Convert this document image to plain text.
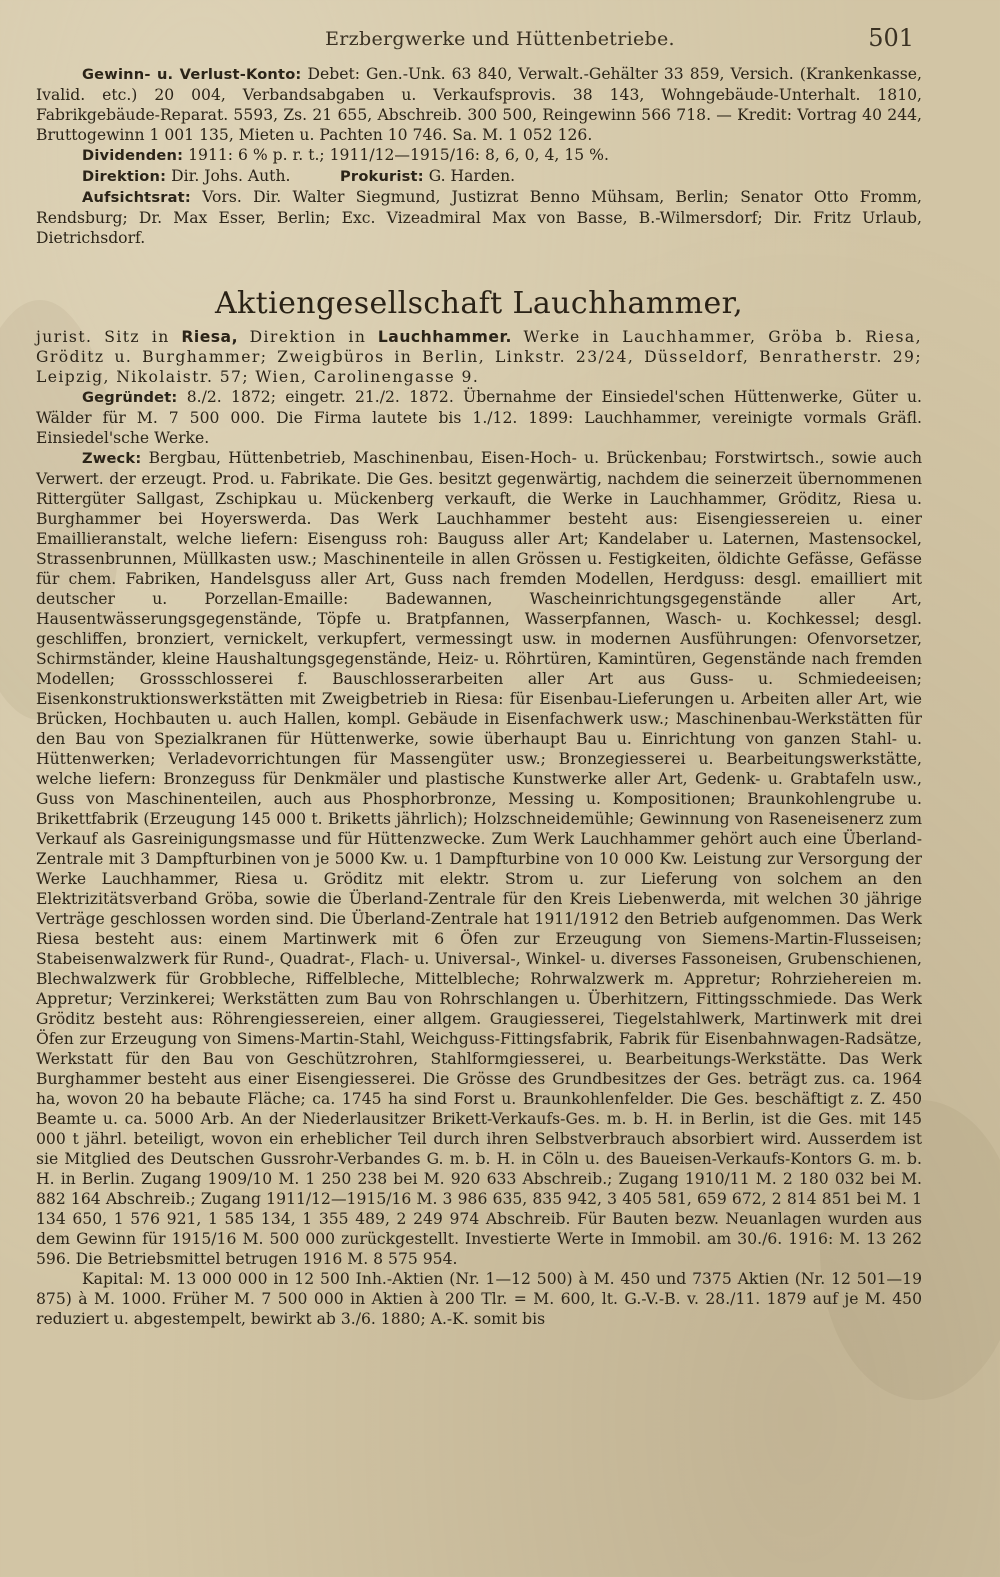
Erzbergwerke und Hüttenbetriebe.	501

Gewinn- u. Verlust-Konto: Debet: Gen.-Unk. 63 840, Verwalt.-Gehälter 33 859, Versich. (Krankenkasse, Ivalid. etc.) 20 004, Verbandsabgaben u. Verkaufsprovis. 38 143, Wohngebäude-Unterhalt. 1810, Fabrikgebäude-Reparat. 5593, Zs. 21 655, Abschreib. 300 500, Reingewinn 566 718. — Kredit: Vortrag 40 244, Bruttogewinn 1 001 135, Mieten u. Pachten 10 746. Sa. M. 1 052 126.

Dividenden: 1911: 6 % p. r. t.; 1911/12—1915/16: 8, 6, 0, 4, 15 %.

Direktion: Dir. Johs. Auth.	Prokurist: G. Harden.

Aufsichtsrat: Vors. Dir. Walter Siegmund, Justizrat Benno Mühsam, Berlin; Senator Otto Fromm, Rendsburg; Dr. Max Esser, Berlin; Exc. Vizeadmiral Max von Basse, B.-Wilmersdorf; Dir. Fritz Urlaub, Dietrichsdorf.

Aktiengesellschaft Lauchhammer,

jurist. Sitz in Riesa, Direktion in Lauchhammer. Werke in Lauchhammer, Gröba b. Riesa, Gröditz u. Burghammer; Zweigbüros in Berlin, Linkstr. 23/24, Düsseldorf, Benratherstr. 29; Leipzig, Nikolaistr. 57; Wien, Carolinengasse 9.

Gegründet: 8./2. 1872; eingetr. 21./2. 1872. Übernahme der Einsiedel'schen Hüttenwerke, Güter u. Wälder für M. 7 500 000. Die Firma lautete bis 1./12. 1899: Lauchhammer, vereinigte vormals Gräfl. Einsiedel'sche Werke.

Zweck: Bergbau, Hüttenbetrieb, Maschinenbau, Eisen-Hoch- u. Brückenbau; Forstwirtsch., sowie auch Verwert. der erzeugt. Prod. u. Fabrikate. Die Ges. besitzt gegenwärtig, nachdem die seinerzeit übernommenen Rittergüter Sallgast, Zschipkau u. Mückenberg verkauft, die Werke in Lauchhammer, Gröditz, Riesa u. Burghammer bei Hoyerswerda. Das Werk Lauchhammer besteht aus: Eisengiessereien u. einer Emaillieranstalt, welche liefern: Eisenguss roh: Bauguss aller Art; Kandelaber u. Laternen, Mastensockel, Strassenbrunnen, Müllkasten usw.; Maschinenteile in allen Grössen u. Festigkeiten, öldichte Gefässe, Gefässe für chem. Fabriken, Handelsguss aller Art, Guss nach fremden Modellen, Herdguss: desgl. emailliert mit deutscher u. Porzellan-Emaille: Badewannen, Wascheinrichtungsgegenstände aller Art, Hausentwässerungsgegenstände, Töpfe u. Bratpfannen, Wasserpfannen, Wasch- u. Kochkessel; desgl. geschliffen, bronziert, vernickelt, verkupfert, vermessingt usw. in modernen Ausführungen: Ofenvorsetzer, Schirmständer, kleine Haushaltungsgegenstände, Heiz- u. Röhrtüren, Kamintüren, Gegenstände nach fremden Modellen; Grossschlosserei f. Bauschlosserarbeiten aller Art aus Guss- u. Schmiedeeisen; Eisenkonstruktionswerkstätten mit Zweigbetrieb in Riesa: für Eisenbau-Lieferungen u. Arbeiten aller Art, wie Brücken, Hochbauten u. auch Hallen, kompl. Gebäude in Eisenfachwerk usw.; Maschinenbau-Werkstätten für den Bau von Spezialkranen für Hüttenwerke, sowie überhaupt Bau u. Einrichtung von ganzen Stahl- u. Hüttenwerken; Verladevorrichtungen für Massengüter usw.; Bronzegiesserei u. Bearbeitungswerkstätte, welche liefern: Bronzeguss für Denkmäler und plastische Kunstwerke aller Art, Gedenk- u. Grabtafeln usw., Guss von Maschinenteilen, auch aus Phosphorbronze, Messing u. Kompositionen; Braunkohlengrube u. Brikettfabrik (Erzeugung 145 000 t. Briketts jährlich); Holzschneidemühle; Gewinnung von Raseneisenerz zum Verkauf als Gasreinigungsmasse und für Hüttenzwecke. Zum Werk Lauchhammer gehört auch eine Überland-Zentrale mit 3 Dampfturbinen von je 5000 Kw. u. 1 Dampfturbine von 10 000 Kw. Leistung zur Versorgung der Werke Lauchhammer, Riesa u. Gröditz mit elektr. Strom u. zur Lieferung von solchem an den Elektrizitätsverband Gröba, sowie die Überland-Zentrale für den Kreis Liebenwerda, mit welchen 30 jährige Verträge geschlossen worden sind. Die Überland-Zentrale hat 1911/1912 den Betrieb aufgenommen. Das Werk Riesa besteht aus: einem Martinwerk mit 6 Öfen zur Erzeugung von Siemens-Martin-Flusseisen; Stabeisenwalzwerk für Rund-, Quadrat-, Flach- u. Universal-, Winkel- u. diverses Fassoneisen, Grubenschienen, Blechwalzwerk für Grobbleche, Riffelbleche, Mittelbleche; Rohrwalzwerk m. Appretur; Rohrziehereien m. Appretur; Verzinkerei; Werkstätten zum Bau von Rohrschlangen u. Überhitzern, Fittingsschmiede. Das Werk Gröditz besteht aus: Röhrengiessereien, einer allgem. Graugiesserei, Tiegelstahlwerk, Martinwerk mit drei Öfen zur Erzeugung von Simens-Martin-Stahl, Weichguss-Fittingsfabrik, Fabrik für Eisenbahnwagen-Radsätze, Werkstatt für den Bau von Geschützrohren, Stahlformgiesserei, u. Bearbeitungs-Werkstätte. Das Werk Burghammer besteht aus einer Eisengiesserei. Die Grösse des Grundbesitzes der Ges. beträgt zus. ca. 1964 ha, wovon 20 ha bebaute Fläche; ca. 1745 ha sind Forst u. Braunkohlenfelder. Die Ges. beschäftigt z. Z. 450 Beamte u. ca. 5000 Arb. An der Niederlausitzer Brikett-Verkaufs-Ges. m. b. H. in Berlin, ist die Ges. mit 145 000 t jährl. beteiligt, wovon ein erheblicher Teil durch ihren Selbstverbrauch absorbiert wird. Ausserdem ist sie Mitglied des Deutschen Gussrohr-Verbandes G. m. b. H. in Cöln u. des Baueisen-Verkaufs-Kontors G. m. b. H. in Berlin. Zugang 1909/10 M. 1 250 238 bei M. 920 633 Abschreib.; Zugang 1910/11 M. 2 180 032 bei M. 882 164 Abschreib.; Zugang 1911/12—1915/16 M. 3 986 635, 835 942, 3 405 581, 659 672, 2 814 851 bei M. 1 134 650, 1 576 921, 1 585 134, 1 355 489, 2 249 974 Abschreib. Für Bauten bezw. Neuanlagen wurden aus dem Gewinn für 1915/16 M. 500 000 zurückgestellt. Investierte Werte in Immobil. am 30./6. 1916: M. 13 262 596. Die Betriebsmittel betrugen 1916 M. 8 575 954.

Kapital: M. 13 000 000 in 12 500 Inh.-Aktien (Nr. 1—12 500) à M. 450 und 7375 Aktien (Nr. 12 501—19 875) à M. 1000. Früher M. 7 500 000 in Aktien à 200 Tlr. = M. 600, lt. G.-V.-B. v. 28./11. 1879 auf je M. 450 reduziert u. abgestempelt, bewirkt ab 3./6. 1880; A.-K. somit bis
